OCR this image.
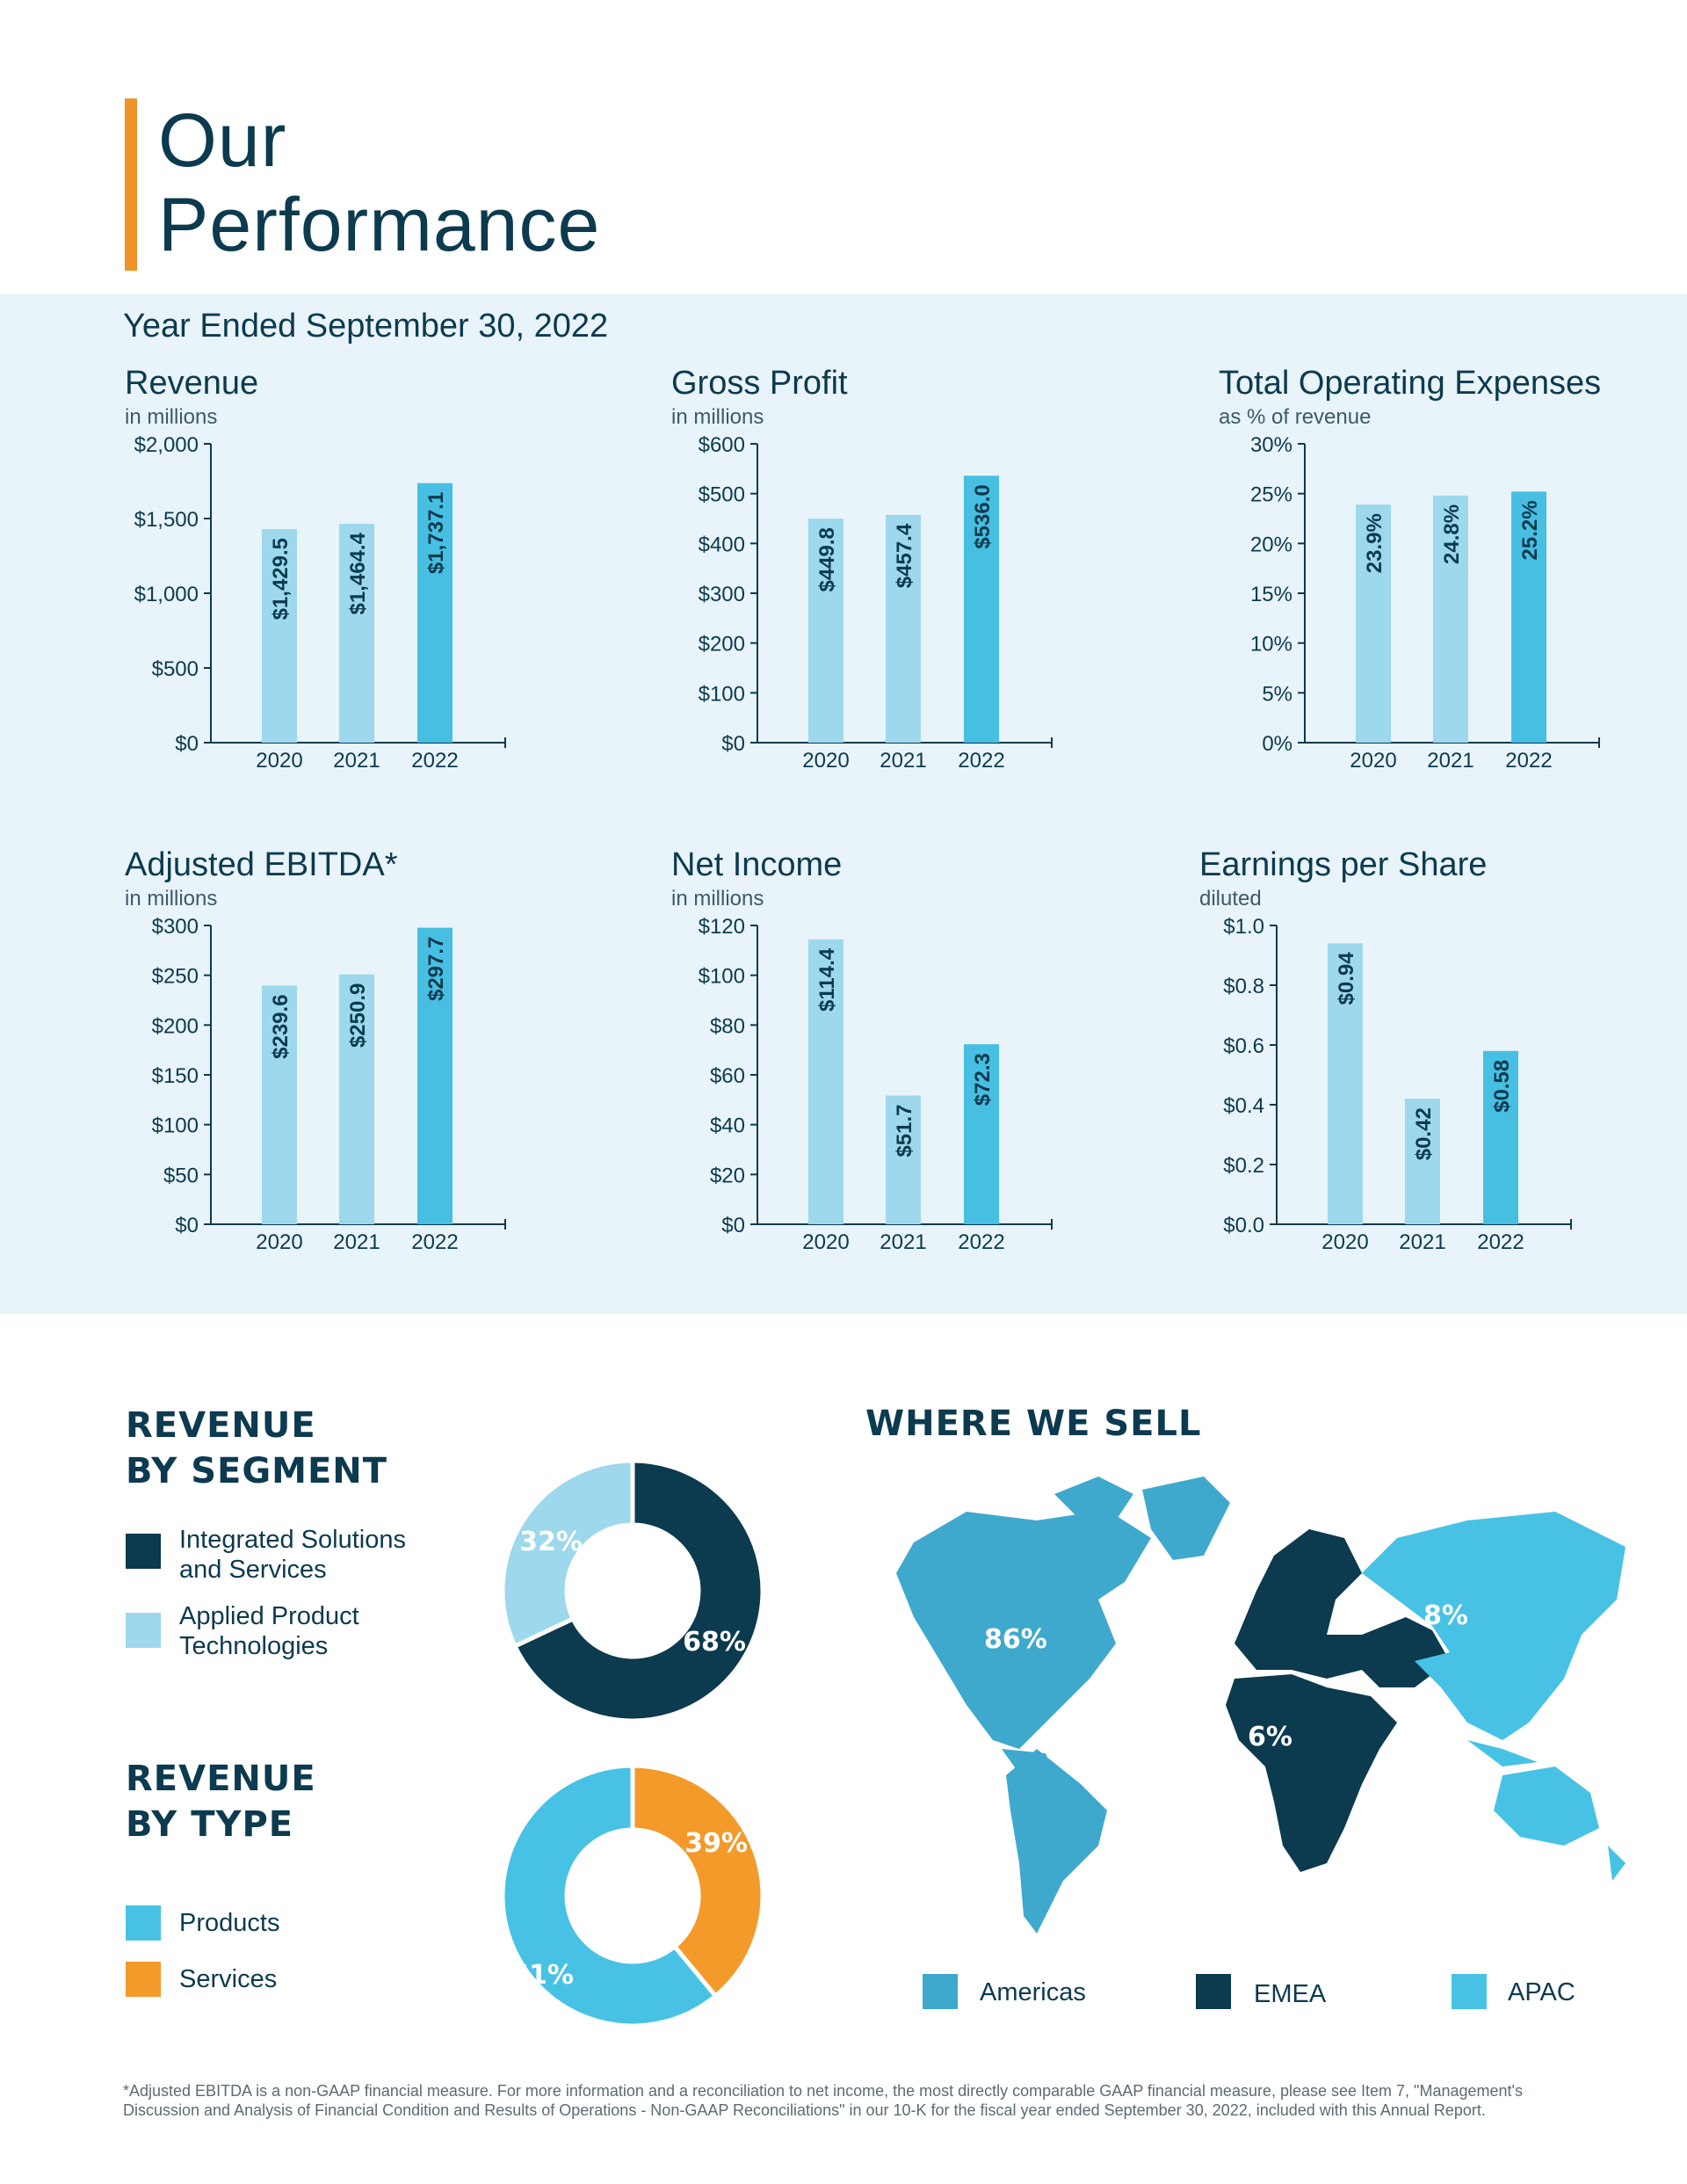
Our
Performance
Year Ended September 30, 2022
Revenue
in millions
$0
$500
$1,000
$1,500
$2,000
$1,429.5
2020
$1,464.4
2021
$1,737.1
2022
Gross Profit
in millions
$0
$100
$200
$300
$400
$500
$600
$449.8
2020
$457.4
2021
$536.0
2022
Total Operating Expenses
as % of revenue
0%
5%
10%
15%
20%
25%
30%
23.9%
2020
24.8%
2021
25.2%
2022
Adjusted EBITDA*
in millions
$0
$50
$100
$150
$200
$250
$300
$239.6
2020
$250.9
2021
$297.7
2022
Net Income
in millions
$0
$20
$40
$60
$80
$100
$120
$114.4
2020
$51.7
2021
$72.3
2022
Earnings per Share
diluted
$0.0
$0.2
$0.4
$0.6
$0.8
$1.0
$0.94
2020
$0.42
2021
$0.58
2022
REVENUE
BY SEGMENT
Integrated Solutions
and Services
Applied Product
Technologies	68%
32%
REVENUE
BY TYPE
Products
Services
39%
61%
WHERE WE SELL
86%
6%
8%
Americas	EMEA	APAC
*Adjusted EBITDA is a non-GAAP financial measure. For more information and a reconciliation to net income, the most directly comparable GAAP financial measure, please see Item 7, "Management's Discussion and Analysis of Financial Condition and Results of Operations - Non-GAAP Reconciliations" in our 10-K for the fiscal year ended September 30, 2022, included with this Annual Report.
